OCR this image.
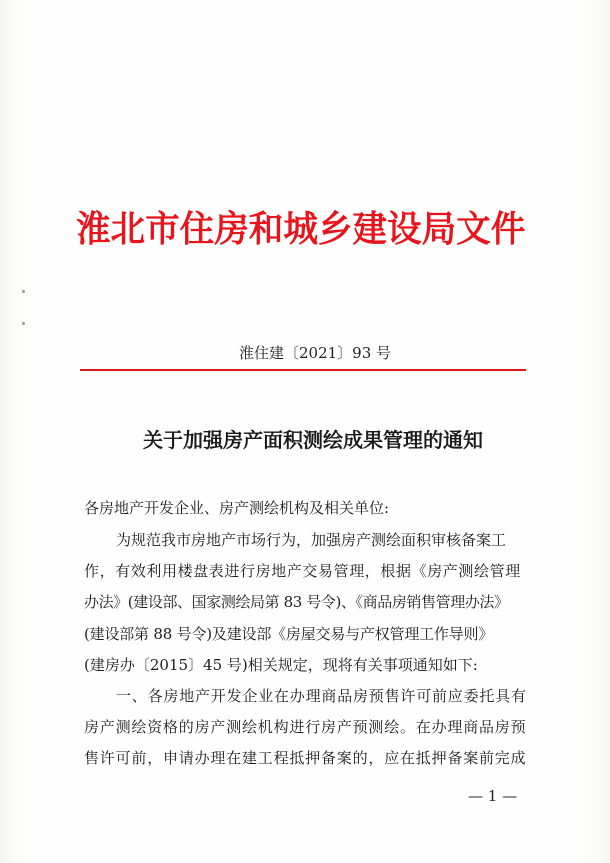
淮北市住房和城乡建设局文件
淮住建〔2021〕93 号
关于加强房产面积测绘成果管理的通知
各房地产开发企业、房产测绘机构及相关单位:
为规范我市房地产市场行为，加强房产测绘面积审核备案工
作，有效利用楼盘表进行房地产交易管理，根据《房产测绘管理
办法》(建设部、国家测绘局第 83 号令)、《商品房销售管理办法》
(建设部第 88 号令)及建设部《房屋交易与产权管理工作导则》
(建房办〔2015〕45 号)相关规定，现将有关事项通知如下:
一、各房地产开发企业在办理商品房预售许可前应委托具有
房产测绘资格的房产测绘机构进行房产预测绘。在办理商品房预
售许可前，申请办理在建工程抵押备案的，应在抵押备案前完成
— 1 —
